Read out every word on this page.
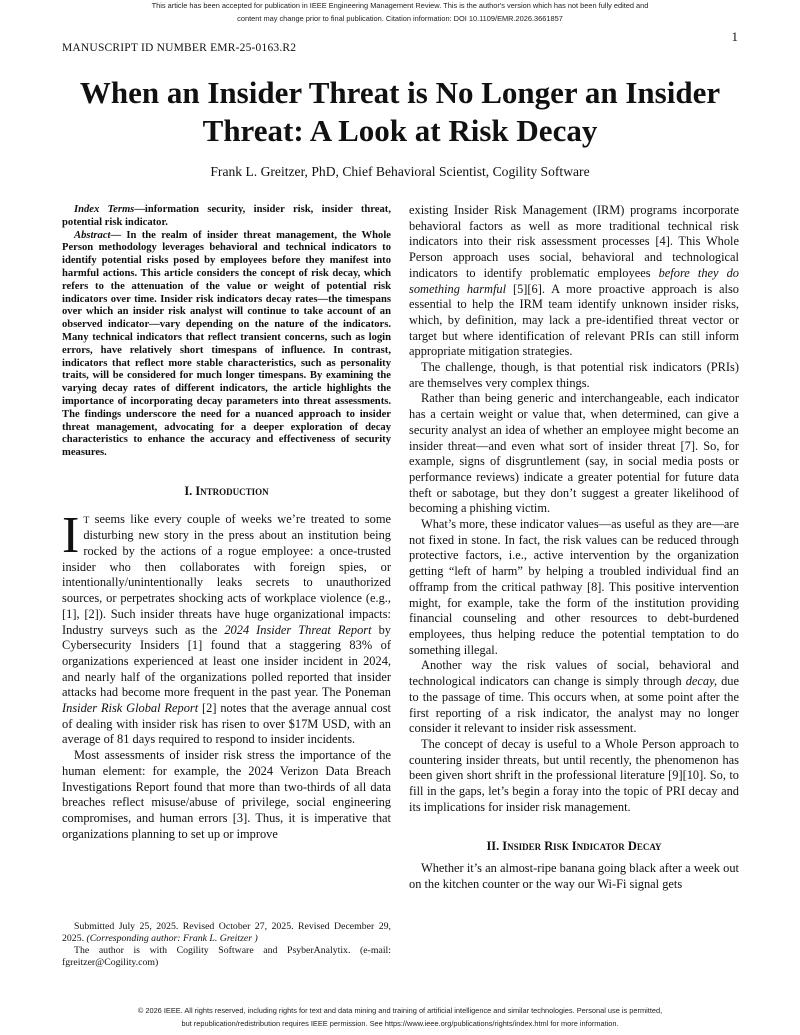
This article has been accepted for publication in IEEE Engineering Management Review. This is the author's version which has not been fully edited and
content may change prior to final publication. Citation information: DOI 10.1109/EMR.2026.3661857
1
MANUSCRIPT ID NUMBER EMR-25-0163.R2
When an Insider Threat is No Longer an Insider
Threat: A Look at Risk Decay
Frank L. Greitzer, PhD, Chief Behavioral Scientist, Cogility Software

Index Terms—information security, insider risk, insider threat, potential risk indicator.

Abstract— In the realm of insider threat management, the Whole Person methodology leverages behavioral and technical indicators to identify potential risks posed by employees before they manifest into harmful actions. This article considers the concept of risk decay, which refers to the attenuation of the value or weight of potential risk indicators over time. Insider risk indicators decay rates—the timespans over which an insider risk analyst will continue to take account of an observed indicator—vary depending on the nature of the indicators. Many technical indicators that reflect transient concerns, such as login errors, have relatively short timespans of influence. In contrast, indicators that reflect more stable characteristics, such as personality traits, will be considered for much longer timespans. By examining the varying decay rates of different indicators, the article highlights the importance of incorporating decay parameters into threat assessments. The findings underscore the need for a nuanced approach to insider threat management, advocating for a deeper exploration of decay characteristics to enhance the accuracy and effectiveness of security measures.

I. Introduction

I T seems like every couple of weeks we’re treated to some disturbing new story in the press about an institution being rocked by the actions of a rogue employee: a once-trusted insider who then collaborates with foreign spies, or intentionally/unintentionally leaks secrets to unauthorized sources, or perpetrates shocking acts of workplace violence (e.g., [1], [2]). Such insider threats have huge organizational impacts: Industry surveys such as the 2024 Insider Threat Report by Cybersecurity Insiders [1] found that a staggering 83% of organizations experienced at least one insider incident in 2024, and nearly half of the organizations polled reported that insider attacks had become more frequent in the past year. The Poneman Insider Risk Global Report [2] notes that the average annual cost of dealing with insider risk has risen to over $17M USD, with an average of 81 days required to respond to insider incidents.

Most assessments of insider risk stress the importance of the human element: for example, the 2024 Verizon Data Breach Investigations Report found that more than two-thirds of all data breaches reflect misuse/abuse of privilege, social engineering compromises, and human errors [3]. Thus, it is imperative that organizations planning to set up or improve

existing Insider Risk Management (IRM) programs incorporate behavioral factors as well as more traditional technical risk indicators into their risk assessment processes [4]. This Whole Person approach uses social, behavioral and technological indicators to identify problematic employees before they do something harmful [5][6]. A more proactive approach is also essential to help the IRM team identify unknown insider risks, which, by definition, may lack a pre-identified threat vector or target but where identification of relevant PRIs can still inform appropriate mitigation strategies.

The challenge, though, is that potential risk indicators (PRIs) are themselves very complex things.

Rather than being generic and interchangeable, each indicator has a certain weight or value that, when determined, can give a security analyst an idea of whether an employee might become an insider threat—and even what sort of insider threat [7]. So, for example, signs of disgruntlement (say, in social media posts or performance reviews) indicate a greater potential for future data theft or sabotage, but they don’t suggest a greater likelihood of becoming a phishing victim.

What’s more, these indicator values—as useful as they are—are not fixed in stone. In fact, the risk values can be reduced through protective factors, i.e., active intervention by the organization getting “left of harm” by helping a troubled individual find an offramp from the critical pathway [8]. This positive intervention might, for example, take the form of the institution providing financial counseling and other resources to debt-burdened employees, thus helping reduce the potential temptation to do something illegal.

Another way the risk values of social, behavioral and technological indicators can change is simply through decay, due to the passage of time. This occurs when, at some point after the first reporting of a risk indicator, the analyst may no longer consider it relevant to insider risk assessment.

The concept of decay is useful to a Whole Person approach to countering insider threats, but until recently, the phenomenon has been given short shrift in the professional literature [9][10]. So, to fill in the gaps, let’s begin a foray into the topic of PRI decay and its implications for insider risk management.

II. Insider Risk Indicator Decay

Whether it’s an almost-ripe banana going black after a week out on the kitchen counter or the way our Wi-Fi signal gets

Submitted July 25, 2025. Revised October 27, 2025. Revised December 29, 2025. (Corresponding author: Frank L. Greitzer )

The author is with Cogility Software and PsyberAnalytix. (e-mail: fgreitzer@Cogility.com)

© 2026 IEEE. All rights reserved, including rights for text and data mining and training of artificial intelligence and similar technologies. Personal use is permitted,
but republication/redistribution requires IEEE permission. See https://www.ieee.org/publications/rights/index.html for more information.
